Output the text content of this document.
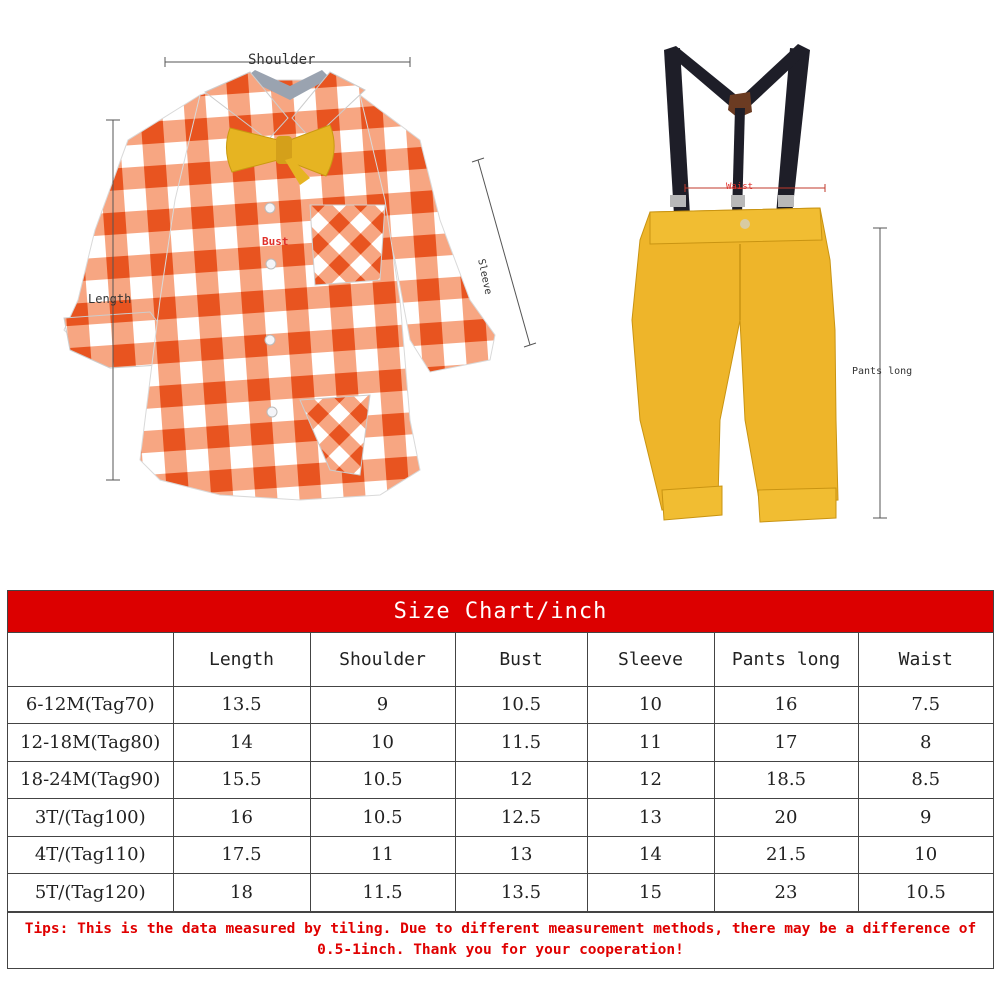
Shoulder
Length
Bust
Sleeve
Waist
Pants long
Size Chart/inch
	Length	Shoulder	Bust	Sleeve	Pants long	Waist
6-12M(Tag70)	13.5	9	10.5	10	16	7.5
12-18M(Tag80)	14	10	11.5	11	17	8
18-24M(Tag90)	15.5	10.5	12	12	18.5	8.5
3T/(Tag100)	16	10.5	12.5	13	20	9
4T/(Tag110)	17.5	11	13	14	21.5	10
5T/(Tag120)	18	11.5	13.5	15	23	10.5
Tips: This is the data measured by tiling. Due to different measurement methods, there may be a difference of 0.5-1inch. Thank you for your cooperation!
